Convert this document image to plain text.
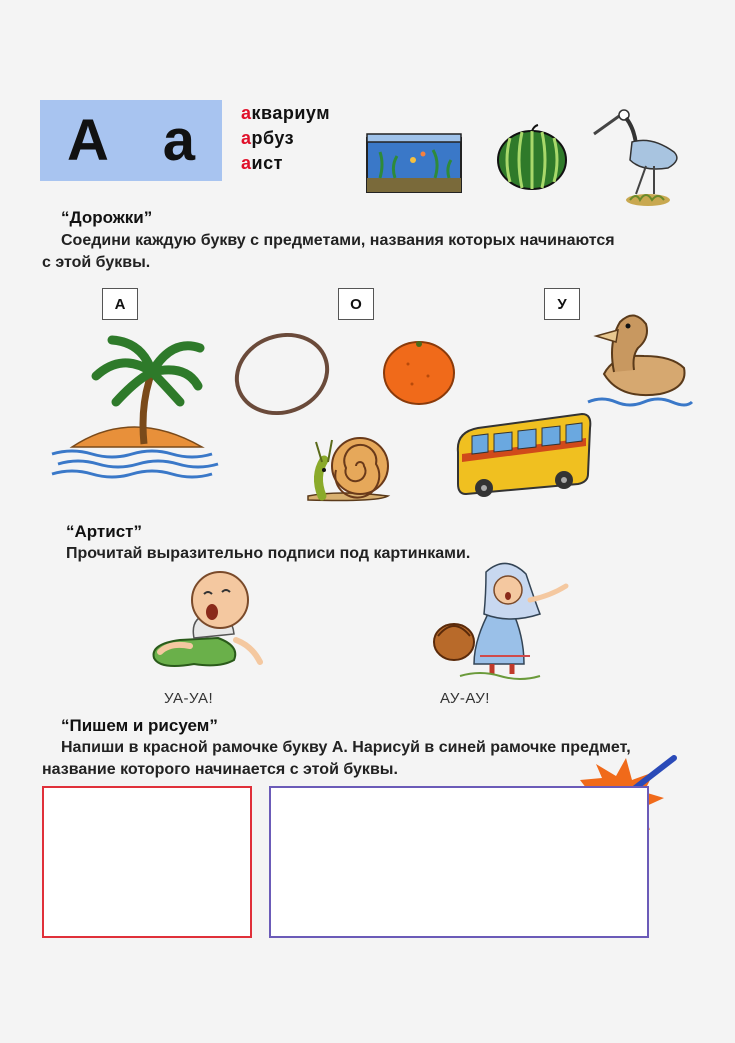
А а	аквариум
арбуз
аист
“Дорожки”
Соедини каждую букву с предметами, названия которых начинаются
с этой буквы.
А	О	У
“Артист”
Прочитай выразительно подписи под картинками.
УА-УА!	АУ-АУ!
“Пишем и рисуем”
Напиши в красной рамочке букву А. Нарисуй в синей рамочке предмет,
название которого начинается с этой буквы.
